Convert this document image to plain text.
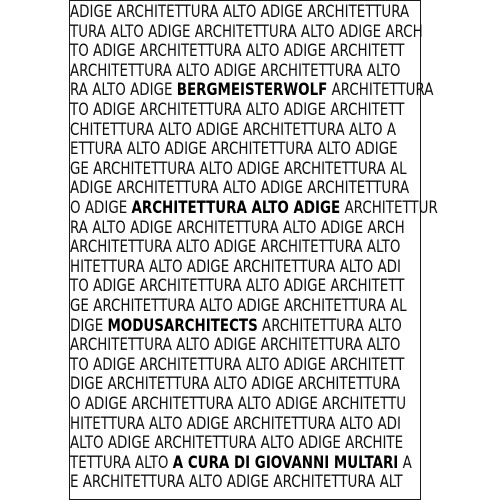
ADIGE ARCHITETTURA ALTO ADIGE ARCHITETTURA
TURA ALTO ADIGE ARCHITETTURA ALTO ADIGE ARCH
TO ADIGE ARCHITETTURA ALTO ADIGE ARCHITETT
ARCHITETTURA ALTO ADIGE ARCHITETTURA ALTO
RA ALTO ADIGE BERGMEISTERWOLF ARCHITETTURA
TO ADIGE ARCHITETTURA ALTO ADIGE ARCHITETT
CHITETTURA ALTO ADIGE ARCHITETTURA ALTO A
ETTURA ALTO ADIGE ARCHITETTURA ALTO ADIGE
GE ARCHITETTURA ALTO ADIGE ARCHITETTURA AL
ADIGE ARCHITETTURA ALTO ADIGE ARCHITETTURA
O ADIGE ARCHITETTURA ALTO ADIGE ARCHITETTUR
RA ALTO ADIGE ARCHITETTURA ALTO ADIGE ARCH
ARCHITETTURA ALTO ADIGE ARCHITETTURA ALTO
HITETTURA ALTO ADIGE ARCHITETTURA ALTO ADI
TO ADIGE ARCHITETTURA ALTO ADIGE ARCHITETT
GE ARCHITETTURA ALTO ADIGE ARCHITETTURA AL
DIGE MODUSARCHITECTS ARCHITETTURA ALTO
ARCHITETTURA ALTO ADIGE ARCHITETTURA ALTO
TO ADIGE ARCHITETTURA ALTO ADIGE ARCHITETT
DIGE ARCHITETTURA ALTO ADIGE ARCHITETTURA
O ADIGE ARCHITETTURA ALTO ADIGE ARCHITETTU
HITETTURA ALTO ADIGE ARCHITETTURA ALTO ADI
ALTO ADIGE ARCHITETTURA ALTO ADIGE ARCHITE
TETTURA ALTO A CURA DI GIOVANNI MULTARI A
E ARCHITETTURA ALTO ADIGE ARCHITETTURA ALT
